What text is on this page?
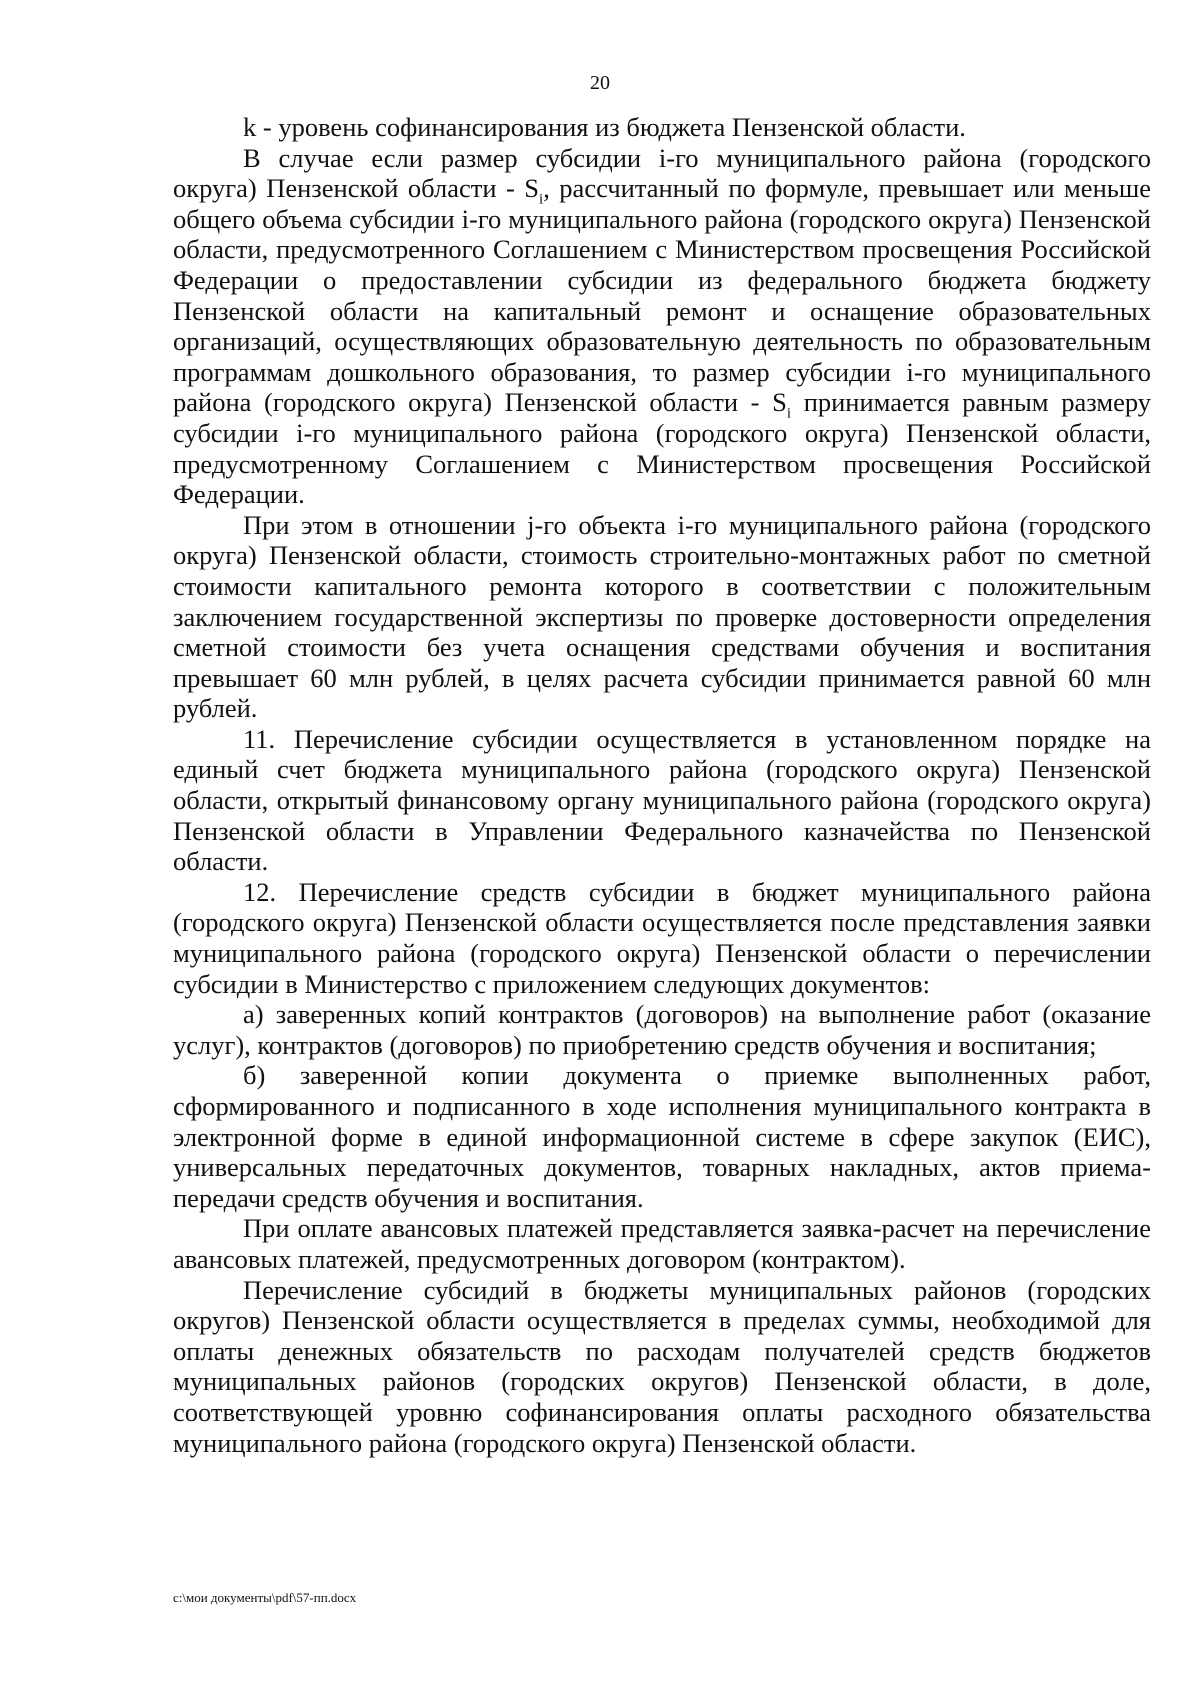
20

k - уровень софинансирования из бюджета Пензенской области.

В случае если размер субсидии i-го муниципального района (городского округа) Пензенской области - $S_i$, рассчитанный по формуле, превышает или меньше общего объема субсидии i-го муниципального района (городского округа) Пензенской области, предусмотренного Соглашением с Министерством просвещения Российской Федерации о предоставлении субсидии из федерального бюджета бюджету Пензенской области на капитальный ремонт и оснащение образовательных организаций, осуществляющих образовательную деятельность по образовательным программам дошкольного образования, то размер субсидии i-го муниципального района (городского округа) Пензенской области - $S_i$ принимается равным размеру субсидии i-го муниципального района (городского округа) Пензенской области, предусмотренному Соглашением с Министерством просвещения Российской Федерации.

При этом в отношении j-го объекта i-го муниципального района (городского округа) Пензенской области, стоимость строительно-монтажных работ по сметной стоимости капитального ремонта которого в соответствии с положительным заключением государственной экспертизы по проверке достоверности определения сметной стоимости без учета оснащения средствами обучения и воспитания превышает 60 млн рублей, в целях расчета субсидии принимается равной 60 млн рублей.

11. Перечисление субсидии осуществляется в установленном порядке на единый счет бюджета муниципального района (городского округа) Пензенской области, открытый финансовому органу муниципального района (городского округа) Пензенской области в Управлении Федерального казначейства по Пензенской области.

12. Перечисление средств субсидии в бюджет муниципального района (городского округа) Пензенской области осуществляется после представления заявки муниципального района (городского округа) Пензенской области о перечислении субсидии в Министерство с приложением следующих документов:

а) заверенных копий контрактов (договоров) на выполнение работ (оказание услуг), контрактов (договоров) по приобретению средств обучения и воспитания;

б) заверенной копии документа о приемке выполненных работ, сформированного и подписанного в ходе исполнения муниципального контракта в электронной форме в единой информационной системе в сфере закупок (ЕИС), универсальных передаточных документов, товарных накладных, актов приема-передачи средств обучения и воспитания.

При оплате авансовых платежей представляется заявка-расчет на перечисление авансовых платежей, предусмотренных договором (контрактом).

Перечисление субсидий в бюджеты муниципальных районов (городских округов) Пензенской области осуществляется в пределах суммы, необходимой для оплаты денежных обязательств по расходам получателей средств бюджетов муниципальных районов (городских округов) Пензенской области, в доле, соответствующей уровню софинансирования оплаты расходного обязательства муниципального района (городского округа) Пензенской области.

c:\мои документы\pdf\57-пп.docx
